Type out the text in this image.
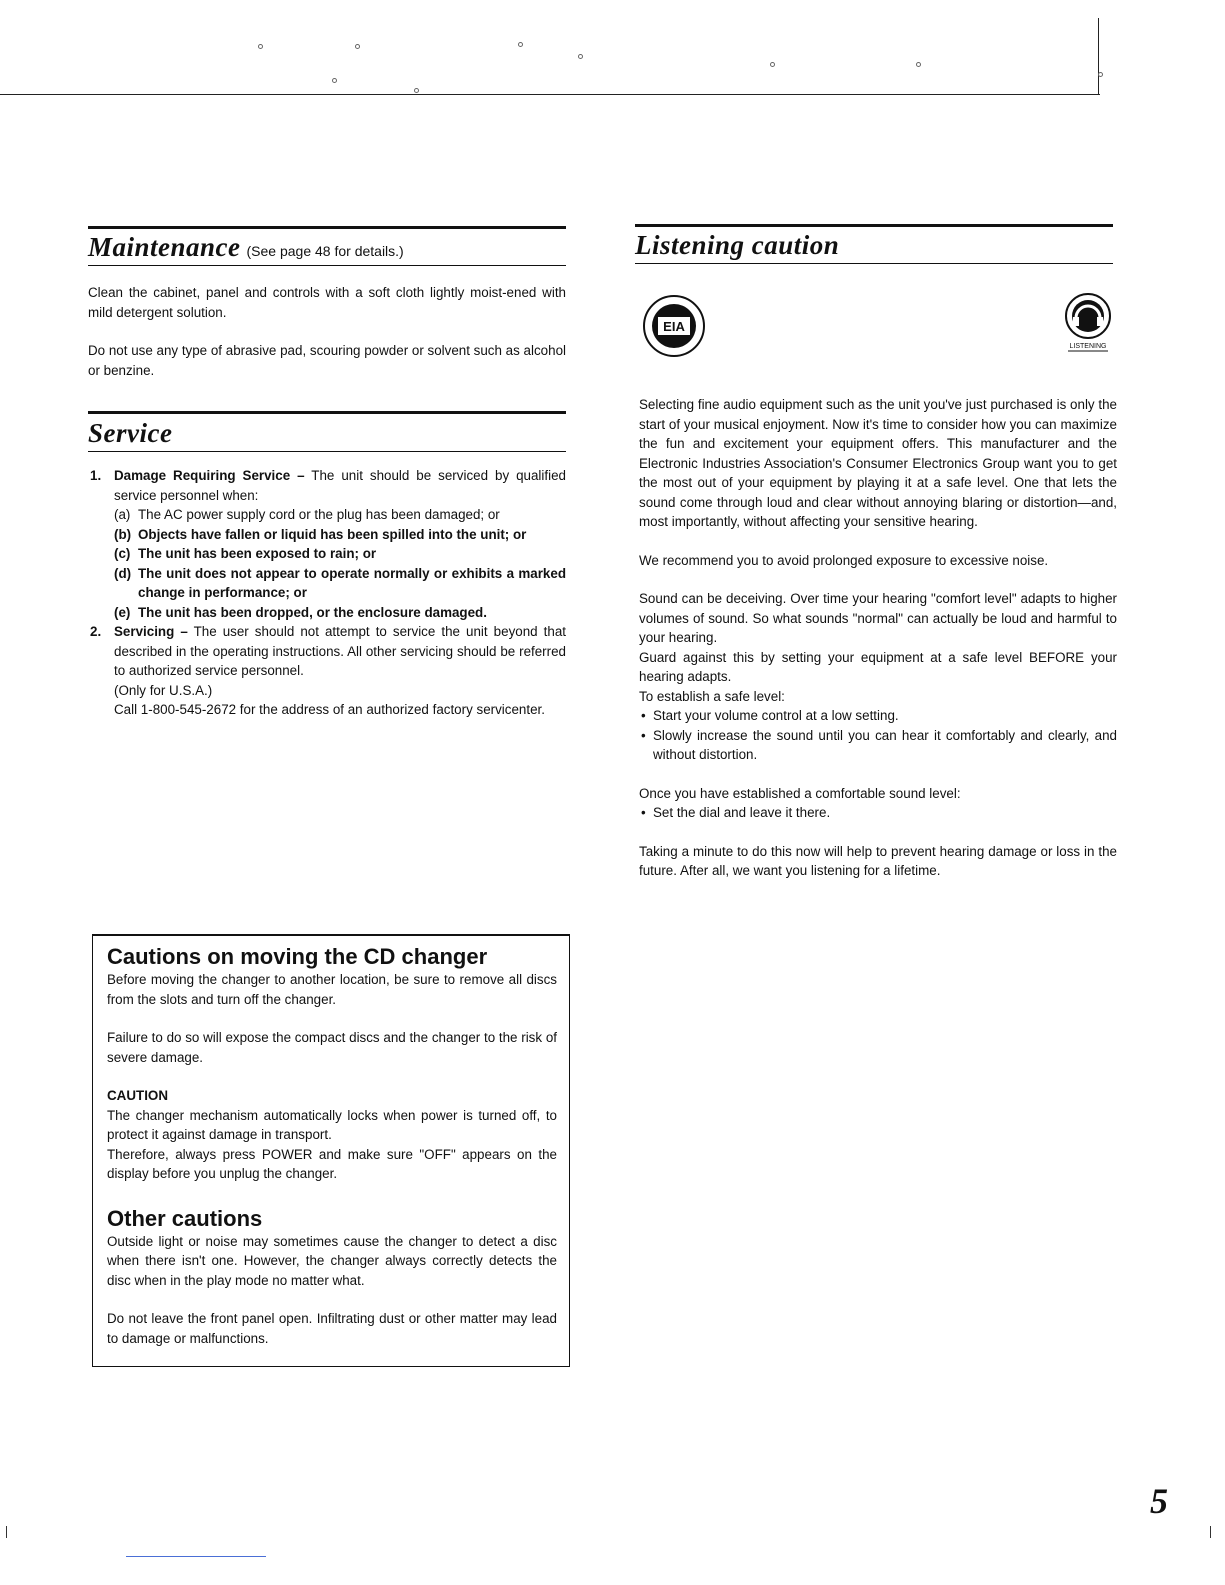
Maintenance (See page 48 for details.)

Clean the cabinet, panel and controls with a soft cloth lightly moist-ened with mild detergent solution.

Do not use any type of abrasive pad, scouring powder or solvent such as alcohol or benzine.

Service
1. Damage Requiring Service – The unit should be serviced by qualified service personnel when:
(a) The AC power supply cord or the plug has been damaged; or
(b) Objects have fallen or liquid has been spilled into the unit; or
(c) The unit has been exposed to rain; or
(d) The unit does not appear to operate normally or exhibits a marked change in performance; or
(e) The unit has been dropped, or the enclosure damaged.
2. Servicing – The user should not attempt to service the unit beyond that described in the operating instructions. All other servicing should be referred to authorized service personnel.
(Only for U.S.A.)
Call 1-800-545-2672 for the address of an authorized factory servicenter.
Cautions on moving the CD changer

Before moving the changer to another location, be sure to remove all discs from the slots and turn off the changer.

Failure to do so will expose the compact discs and the changer to the risk of severe damage.

CAUTION

The changer mechanism automatically locks when power is turned off, to protect it against damage in transport.

Therefore, always press POWER and make sure "OFF" appears on the display before you unplug the changer.

Other cautions

Outside light or noise may sometimes cause the changer to detect a disc when there isn't one. However, the changer always correctly detects the disc when in the play mode no matter what.

Do not leave the front panel open. Infiltrating dust or other matter may lead to damage or malfunctions.

Listening caution
EIA
LISTENING

Selecting fine audio equipment such as the unit you've just purchased is only the start of your musical enjoyment. Now it's time to consider how you can maximize the fun and excitement your equipment offers. This manufacturer and the Electronic Industries Association's Consumer Electronics Group want you to get the most out of your equipment by playing it at a safe level. One that lets the sound come through loud and clear without annoying blaring or distortion—and, most importantly, without affecting your sensitive hearing.

We recommend you to avoid prolonged exposure to excessive noise.

Sound can be deceiving. Over time your hearing "comfort level" adapts to higher volumes of sound. So what sounds "normal" can actually be loud and harmful to your hearing.

Guard against this by setting your equipment at a safe level BEFORE your hearing adapts.

To establish a safe level:

• Start your volume control at a low setting.
• Slowly increase the sound until you can hear it comfortably and clearly, and without distortion.

Once you have established a comfortable sound level:

• Set the dial and leave it there.

Taking a minute to do this now will help to prevent hearing damage or loss in the future. After all, we want you listening for a lifetime.

5
